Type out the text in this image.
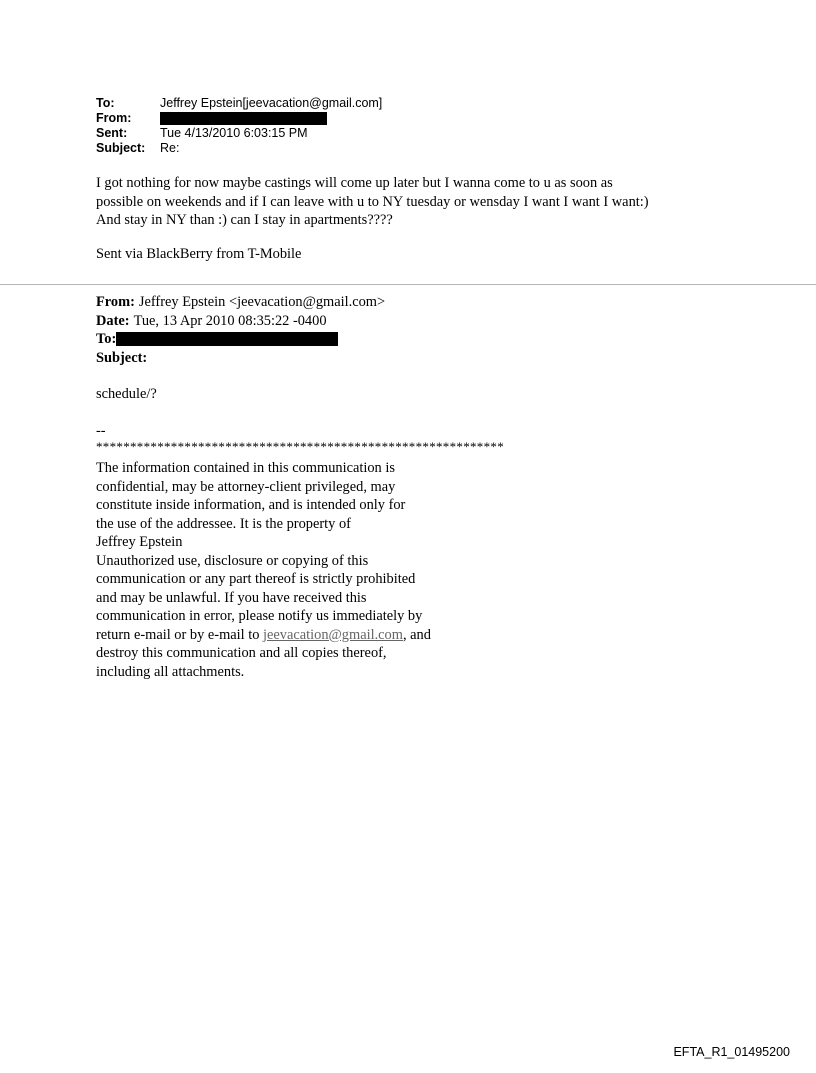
To:	Jeffrey Epstein[jeevacation@gmail.com]
From:
Sent:	Tue 4/13/2010 6:03:15 PM
Subject:	Re:

I got nothing for now maybe castings will come up later but I wanna come to u as soon as

possible on weekends and if I can leave with u to NY tuesday or wensday I want I want I want:)

And stay in NY than :) can I stay in apartments????

Sent via BlackBerry from T-Mobile

From: Jeffrey Epstein <jeevacation@gmail.com>
Date: Tue, 13 Apr 2010 08:35:22 -0400
To:
Subject:

schedule/?

--

************************************************************

The information contained in this communication is
confidential, may be attorney-client privileged, may
constitute inside information, and is intended only for
the use of the addressee. It is the property of
Jeffrey Epstein
Unauthorized use, disclosure or copying of this
communication or any part thereof is strictly prohibited
and may be unlawful. If you have received this
communication in error, please notify us immediately by
return e-mail or by e-mail to jeevacation@gmail.com, and
destroy this communication and all copies thereof,
including all attachments.
EFTA_R1_01495200
